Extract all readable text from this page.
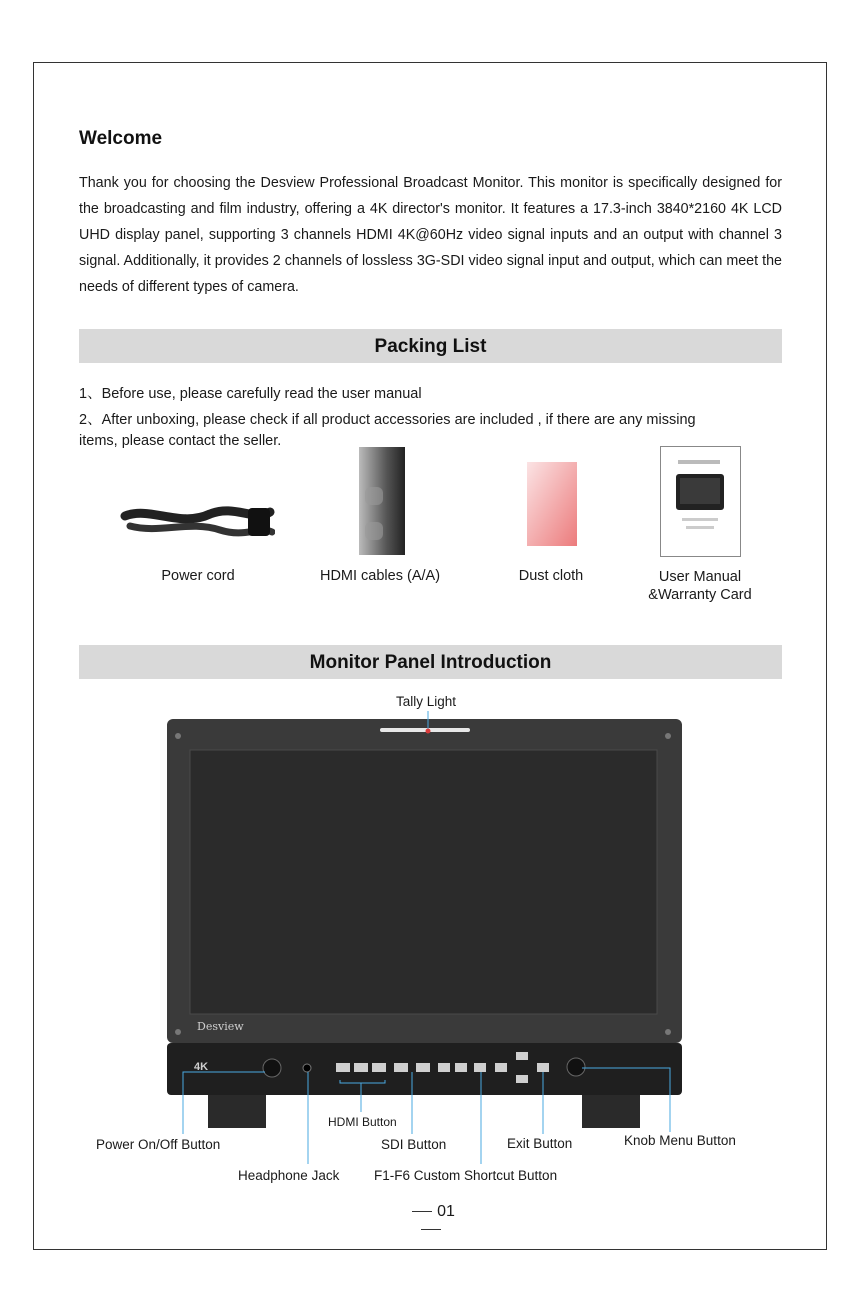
Welcome
Thank you for choosing the Desview Professional Broadcast Monitor. This monitor is specifically designed for the broadcasting and film industry, offering a 4K director's monitor. It features a 17.3-inch 3840*2160 4K LCD UHD display panel, supporting 3 channels HDMI 4K@60Hz video signal inputs and an output with channel 3 signal. Additionally, it provides 2 channels of lossless 3G-SDI video signal input and output, which can meet the needs of different types of camera.
Packing List
1、Before use, please carefully read the user manual
2、After unboxing, please check if all product accessories are included , if there are any missing
items, please contact the seller.
Power cord	HDMI cables (A/A)	Dust cloth	User Manual
&Warranty Card
Monitor Panel Introduction
Desview
4K
Tally Light
HDMI Button
Power On/Off Button	SDI Button	Exit Button	Knob Menu Button
Headphone Jack	F1-F6 Custom Shortcut Button
01
